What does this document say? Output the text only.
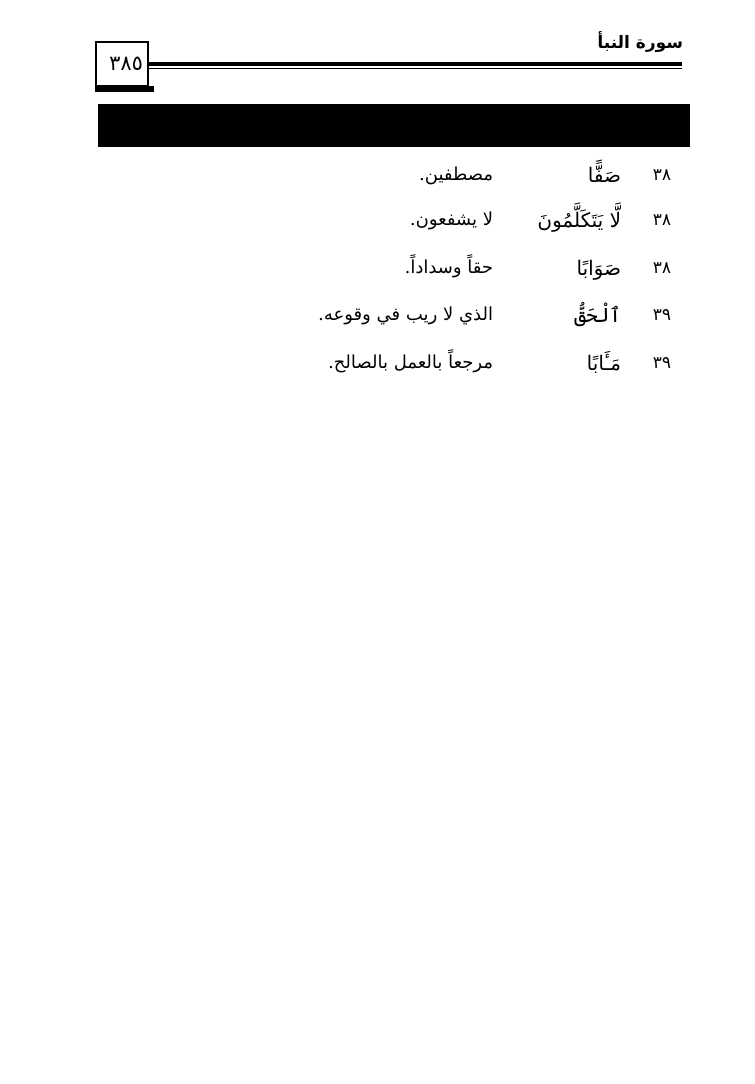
٣٨٥
سورة النبأ
٣٨
صَفًّا
مصطفين.
٣٨
لَّا يَتَكَلَّمُونَ
لا يشفعون.
٣٨
صَوَابًا
حقاً وسداداً.
٣٩
ٱلْحَقُّ
الذي لا ريب في وقوعه.
٣٩
مَـَٔابًا
مرجعاً بالعمل بالصالح.
